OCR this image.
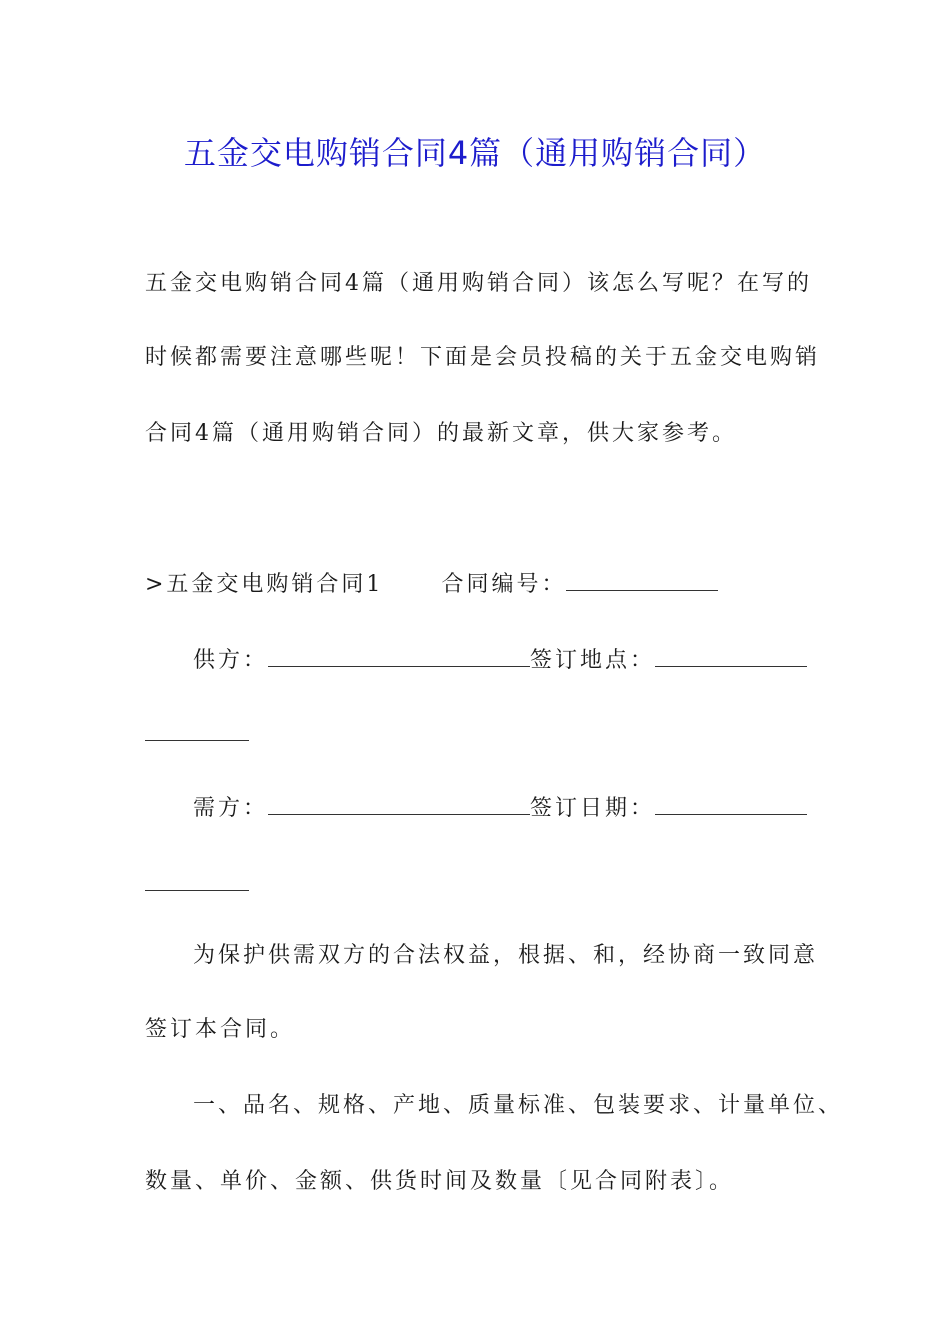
五金交电购销合同4篇（通用购销合同）
五金交电购销合同4篇（通用购销合同）该怎么写呢？在写的
时候都需要注意哪些呢！下面是会员投稿的关于五金交电购销
合同4篇（通用购销合同）的最新文章，供大家参考。
>五金交电购销合同1	合同编号：
供方：	签订地点：
需方：	签订日期：
为保护供需双方的合法权益，根据、和，经协商一致同意
签订本合同。
一、品名、规格、产地、质量标准、包装要求、计量单位、
数量、单价、金额、供货时间及数量〔见合同附表〕。
